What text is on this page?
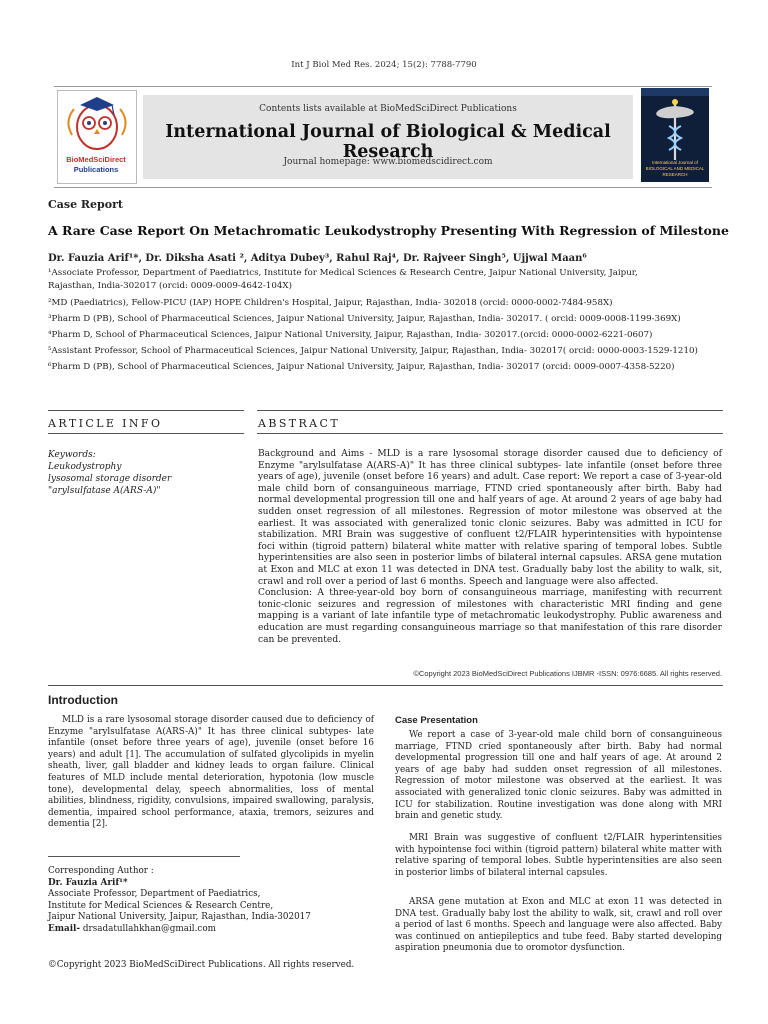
Int J Biol Med Res. 2024; 15(2): 7788-7790
BioMedSciDirect
Publications
Contents lists available at BioMedSciDirect Publications
International Journal of Biological & Medical Research
Journal homepage: www.biomedscidirect.com	International Journal of BIOLOGICAL AND MEDICAL RESEARCH
Case Report
A Rare Case Report On Metachromatic Leukodystrophy Presenting With Regression of Milestone
Dr. Fauzia Arif¹*, Dr. Diksha Asati ², Aditya Dubey³, Rahul Raj⁴, Dr. Rajveer Singh⁵, Ujjwal Maan⁶
¹Associate Professor, Department of Paediatrics, Institute for Medical Sciences & Research Centre, Jaipur National University, Jaipur,
Rajasthan, India-302017 (orcid: 0009-0009-4642-104X)
²MD (Paediatrics), Fellow-PICU (IAP) HOPE Children's Hospital, Jaipur, Rajasthan, India- 302018 (orcid: 0000-0002-7484-958X)
³Pharm D (PB), School of Pharmaceutical Sciences, Jaipur National University, Jaipur, Rajasthan, India- 302017. ( orcid: 0009-0008-1199-369X)
⁴Pharm D, School of Pharmaceutical Sciences, Jaipur National University, Jaipur, Rajasthan, India- 302017.(orcid: 0000-0002-6221-0607)
⁵Assistant Professor, School of Pharmaceutical Sciences, Jaipur National University, Jaipur, Rajasthan, India- 302017( orcid: 0000-0003-1529-1210)
⁶Pharm D (PB), School of Pharmaceutical Sciences, Jaipur National University, Jaipur, Rajasthan, India- 302017 (orcid: 0009-0007-4358-5220)
ARTICLE INFO	ABSTRACT
Keywords:
Leukodystrophy
lysosomal storage disorder
"arylsulfatase A(ARS-A)"

Background and Aims - MLD is a rare lysosomal storage disorder caused due to deficiency of Enzyme "arylsulfatase A(ARS-A)" It has three clinical subtypes- late infantile (onset before three years of age), juvenile (onset before 16 years) and adult. Case report: We report a case of 3-year-old male child born of consanguineous marriage, FTND cried spontaneously after birth. Baby had normal developmental progression till one and half years of age. At around 2 years of age baby had sudden onset regression of all milestones. Regression of motor milestone was observed at the earliest. It was associated with generalized tonic clonic seizures. Baby was admitted in ICU for stabilization. MRI Brain was suggestive of confluent t2/FLAIR hyperintensities with hypointense foci within (tigroid pattern) bilateral white matter with relative sparing of temporal lobes. Subtle hyperintensities are also seen in posterior limbs of bilateral internal capsules. ARSA gene mutation at Exon and MLC at exon 11 was detected in DNA test. Gradually baby lost the ability to walk, sit, crawl and roll over a period of last 6 months. Speech and language were also affected.

Conclusion: A three-year-old boy born of consanguineous marriage, manifesting with recurrent tonic-clonic seizures and regression of milestones with characteristic MRI finding and gene mapping is a variant of late infantile type of metachromatic leukodystrophy. Public awareness and education are must regarding consanguineous marriage so that manifestation of this rare disorder can be prevented.

©Copyright 2023 BioMedSciDirect Publications IJBMR -ISSN: 0976:6685. All rights reserved.
Introduction

MLD is a rare lysosomal storage disorder caused due to deficiency of Enzyme "arylsulfatase A(ARS-A)" It has three clinical subtypes- late infantile (onset before three years of age), juvenile (onset before 16 years) and adult [1]. The accumulation of sulfated glycolipids in myelin sheath, liver, gall bladder and kidney leads to organ failure. Clinical features of MLD include mental deterioration, hypotonia (low muscle tone), developmental delay, speech abnormalities, loss of mental abilities, blindness, rigidity, convulsions, impaired swallowing, paralysis, dementia, impaired school performance, ataxia, tremors, seizures and dementia [2].

Corresponding Author :
Dr. Fauzia Arif¹*
Associate Professor, Department of Paediatrics,
Institute for Medical Sciences & Research Centre,
Jaipur National University, Jaipur, Rajasthan, India-302017
Email- drsadatullahkhan@gmail.com
©Copyright 2023 BioMedSciDirect Publications. All rights reserved.
Case Presentation

We report a case of 3-year-old male child born of consanguineous marriage, FTND cried spontaneously after birth. Baby had normal developmental progression till one and half years of age. At around 2 years of age baby had sudden onset regression of all milestones. Regression of motor milestone was observed at the earliest. It was associated with generalized tonic clonic seizures. Baby was admitted in ICU for stabilization. Routine investigation was done along with MRI brain and genetic study.

MRI Brain was suggestive of confluent t2/FLAIR hyperintensities with hypointense foci within (tigroid pattern) bilateral white matter with relative sparing of temporal lobes. Subtle hyperintensities are also seen in posterior limbs of bilateral internal capsules.

ARSA gene mutation at Exon and MLC at exon 11 was detected in DNA test. Gradually baby lost the ability to walk, sit, crawl and roll over a period of last 6 months. Speech and language were also affected. Baby was continued on antiepileptics and tube feed. Baby started developing aspiration pneumonia due to oromotor dysfunction.
